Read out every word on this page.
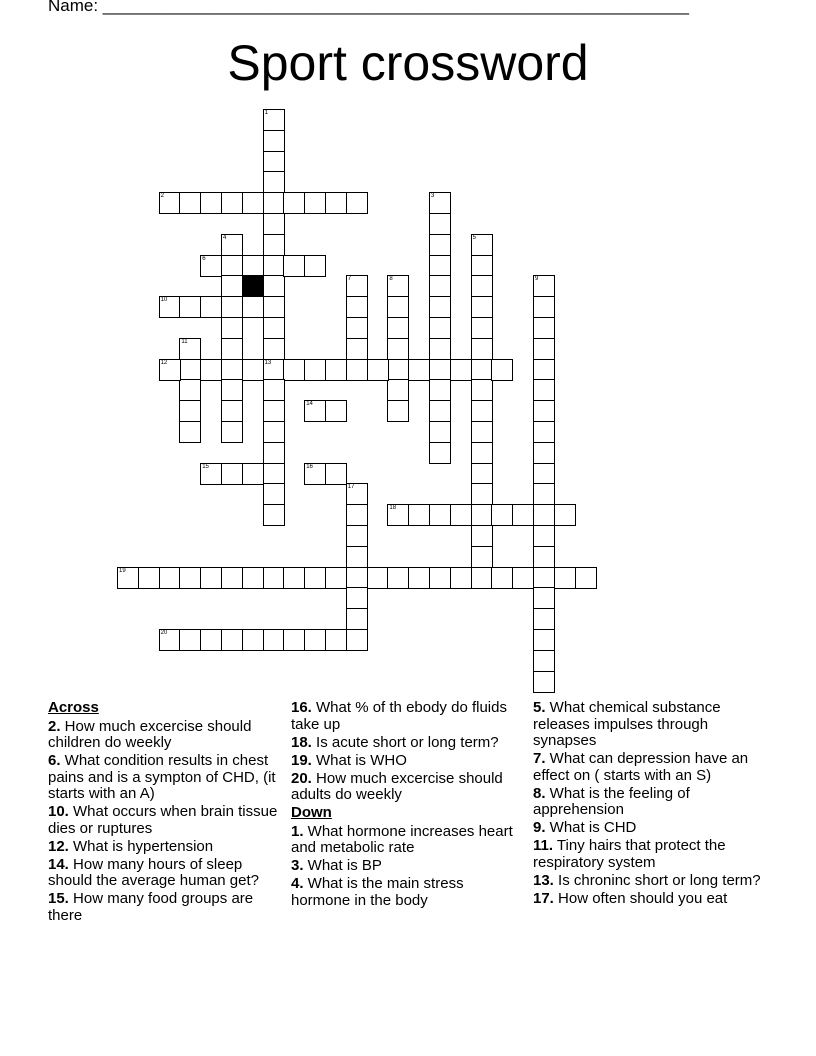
Name: ______________________________________________________________
Sport crossword
1
2	3
4	5
6
7	8	9
10
11
12	13
14
15	16
17
18
19
20
Across
2. How much excercise should children do weekly
6. What condition results in chest pains and is a sympton of CHD, (it starts with an A)
10. What occurs when brain tissue dies or ruptures
12. What is hypertension
14. How many hours of sleep should the average human get?
15. How many food groups are there
16. What % of th ebody do fluids take up
18. Is acute short or long term?
19. What is WHO
20. How much excercise should adults do weekly
Down
1. What hormone increases heart and metabolic rate
3. What is BP
4. What is the main stress hormone in the body
5. What chemical substance releases impulses through synapses
7. What can depression have an effect on ( starts with an S)
8. What is the feeling of apprehension
9. What is CHD
11. Tiny hairs that protect the respiratory system
13. Is chroninc short or long term?
17. How often should you eat
